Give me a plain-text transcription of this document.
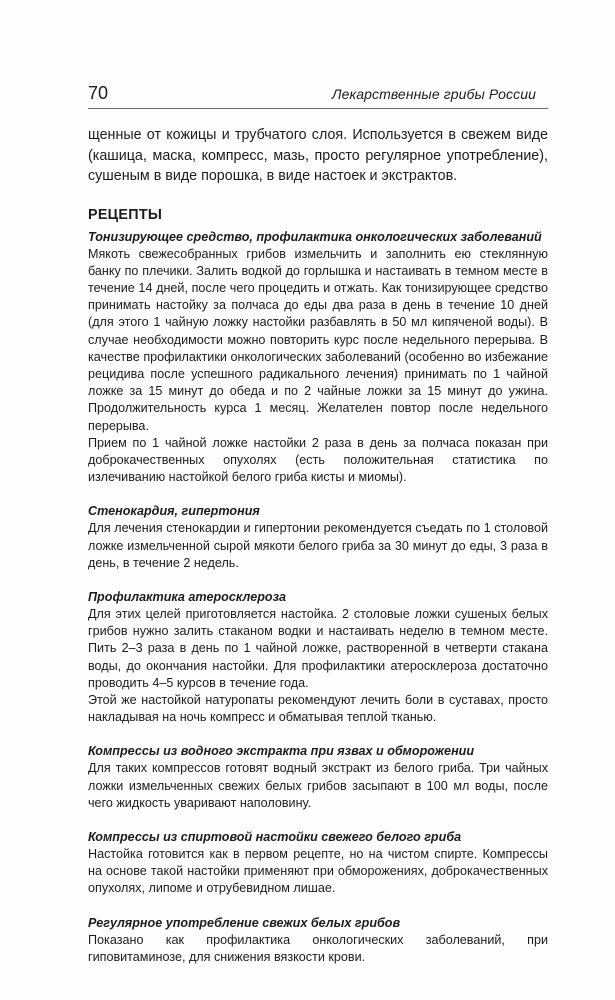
70	Лекарственные грибы России

щенные от кожицы и трубчатого слоя. Используется в свежем виде (кашица, маска, компресс, мазь, просто регулярное употребление), сушеным в виде порошка, в виде настоек и экстрактов.

РЕЦЕПТЫ
Тонизирующее средство, профилактика онкологических заболеваний

Мякоть свежесобранных грибов измельчить и заполнить ею стеклянную банку по плечики. Залить водкой до горлышка и настаивать в темном месте в течение 14 дней, после чего процедить и отжать. Как тонизирующее средство принимать настойку за полчаса до еды два раза в день в течение 10 дней (для этого 1 чайную ложку настойки разбавлять в 50 мл кипяченой воды). В случае необходимости можно повторить курс после недельного перерыва. В качестве профилактики онкологических заболеваний (особенно во избежание рецидива после успешного радикального лечения) принимать по 1 чайной ложке за 15 минут до обеда и по 2 чайные ложки за 15 минут до ужина. Продолжительность курса 1 месяц. Желателен повтор после недельного перерыва.

Прием по 1 чайной ложке настойки 2 раза в день за полчаса показан при доброкачественных опухолях (есть положительная статистика по излечиванию настойкой белого гриба кисты и миомы).

Стенокардия, гипертония

Для лечения стенокардии и гипертонии рекомендуется съедать по 1 столовой ложке измельченной сырой мякоти белого гриба за 30 минут до еды, 3 раза в день, в течение 2 недель.

Профилактика атеросклероза

Для этих целей приготовляется настойка. 2 столовые ложки сушеных белых грибов нужно залить стаканом водки и настаивать неделю в темном месте. Пить 2–3 раза в день по 1 чайной ложке, растворенной в четверти стакана воды, до окончания настойки. Для профилактики атеросклероза достаточно проводить 4–5 курсов в течение года.

Этой же настойкой натуропаты рекомендуют лечить боли в суставах, просто накладывая на ночь компресс и обматывая теплой тканью.

Компрессы из водного экстракта при язвах и обморожении

Для таких компрессов готовят водный экстракт из белого гриба. Три чайных ложки измельченных свежих белых грибов засыпают в 100 мл воды, после чего жидкость уваривают наполовину.

Компрессы из спиртовой настойки свежего белого гриба

Настойка готовится как в первом рецепте, но на чистом спирте. Компрессы на основе такой настойки применяют при обморожениях, доброкачественных опухолях, липоме и отрубевидном лишае.

Регулярное употребление свежих белых грибов

Показано как профилактика онкологических заболеваний, при гиповитаминозе, для снижения вязкости крови.
